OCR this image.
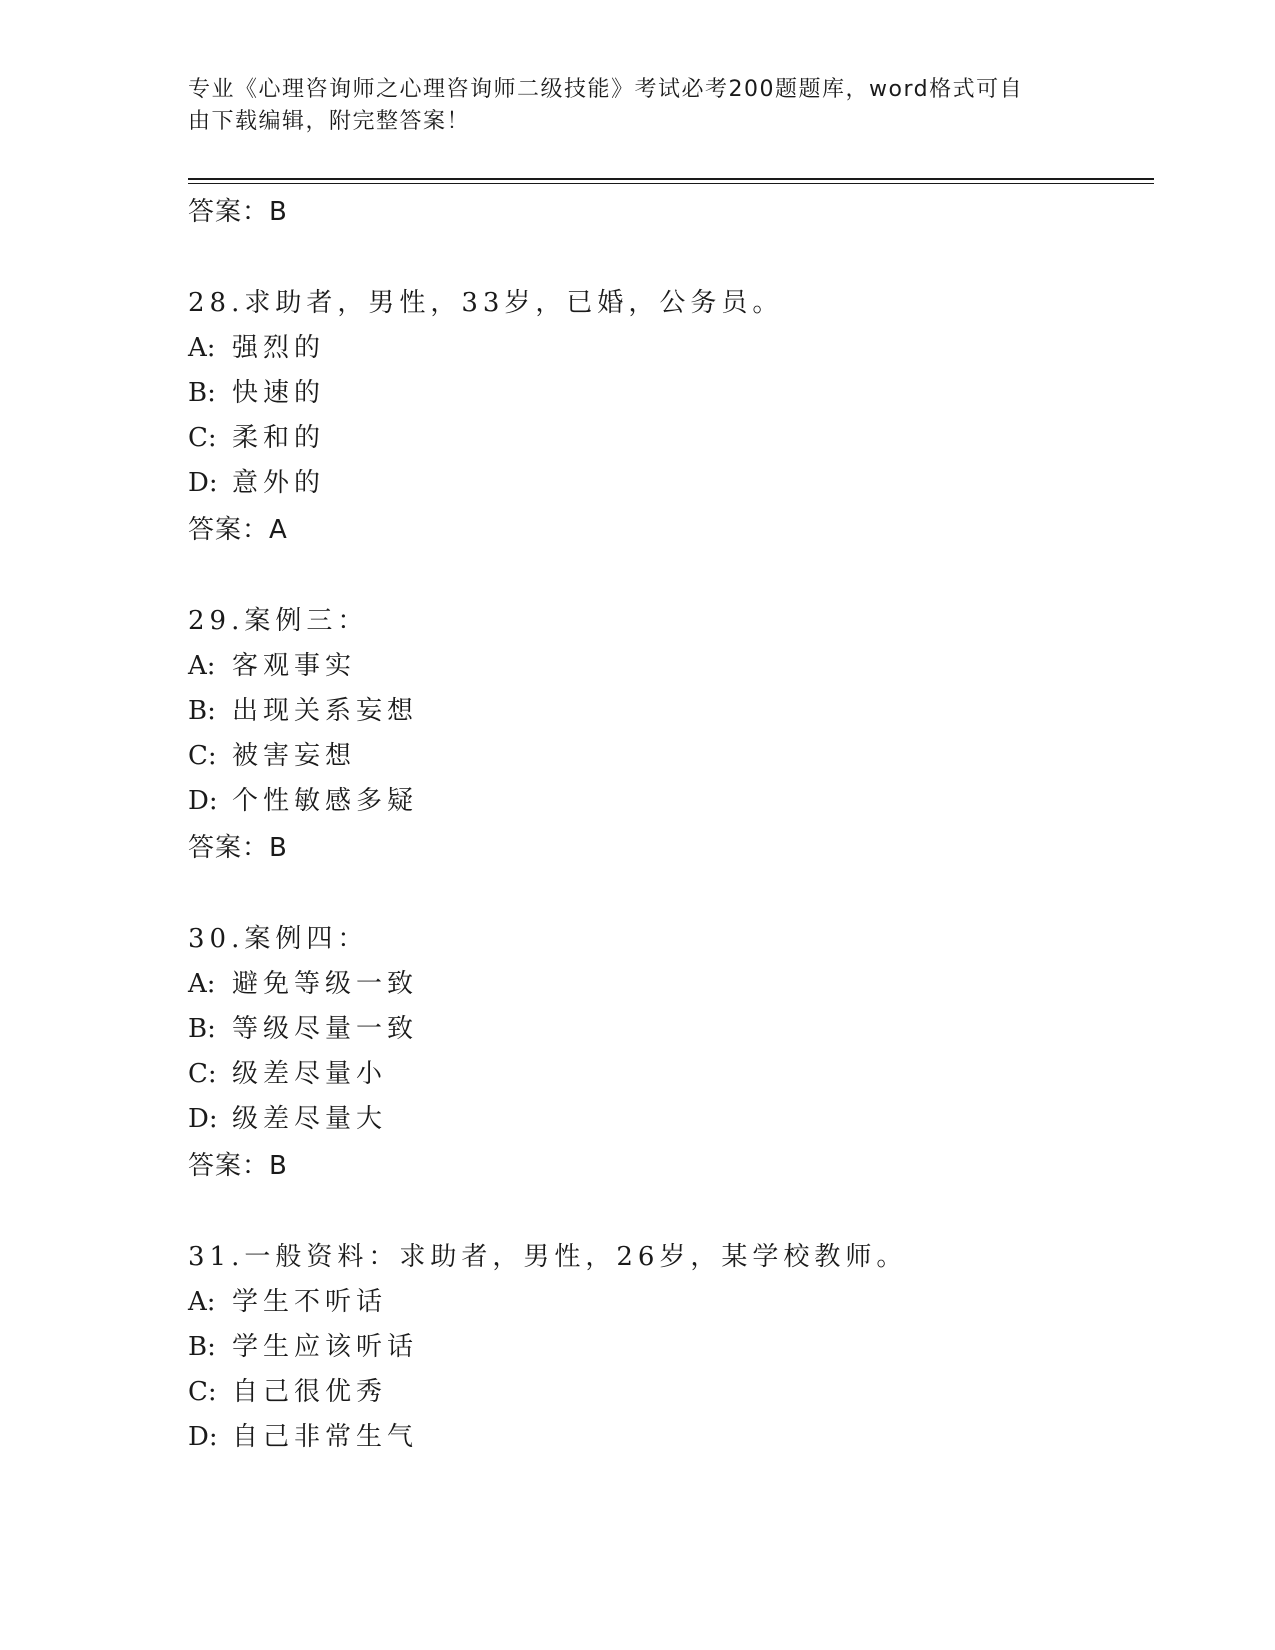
专业《心理咨询师之心理咨询师二级技能》考试必考200题题库，word格式可自

由下载编辑，附完整答案！

答案：B

28.求助者，男性，33岁，已婚，公务员。

A: 强烈的

B: 快速的

C: 柔和的

D: 意外的

答案：A

29.案例三：

A: 客观事实

B: 出现关系妄想

C: 被害妄想

D: 个性敏感多疑

答案：B

30.案例四：

A: 避免等级一致

B: 等级尽量一致

C: 级差尽量小

D: 级差尽量大

答案：B

31.一般资料：求助者，男性，26岁，某学校教师。

A: 学生不听话

B: 学生应该听话

C: 自己很优秀

D: 自己非常生气
